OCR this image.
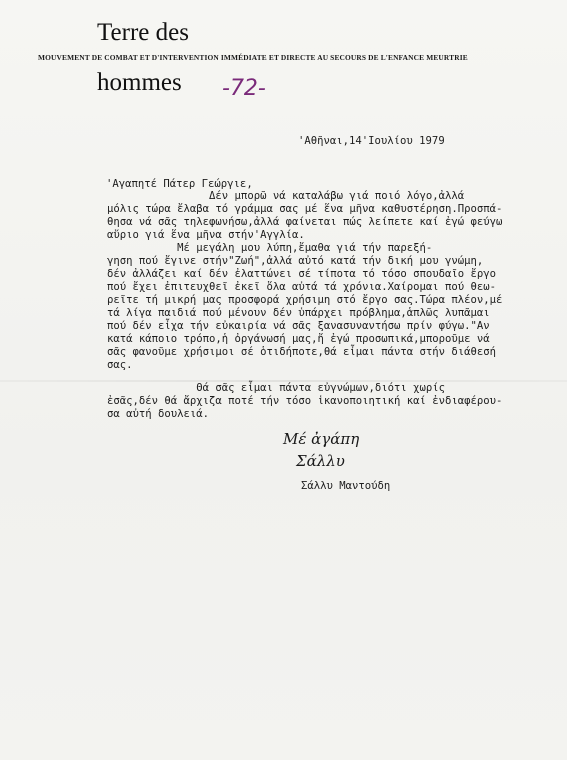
Terre des
MOUVEMENT DE COMBAT ET D'INTERVENTION IMMÉDIATE ET DIRECTE AU SECOURS DE L'ENFANCE MEURTRIE
hommes -72-
'Αθῆναι,14'Ιουλίου 1979
'Αγαπητέ Πάτερ Γεώργιε,
Δέν μπορῶ νά καταλάβω γιά ποιό λόγο,ἀλλά
μόλις τώρα ἔλαβα τό γράμμα σας μέ ἕνα μῆνα καθυστέρηση.Προσπά-
θησα νά σᾶς τηλεφωνήσω,ἀλλά φαίνεται πώς λείπετε καί ἐγώ φεύγω
αὔριο γιά ἕνα μῆνα στήν'Αγγλία.
Μέ μεγάλη μου λύπη,ἔμαθα γιά τήν παρεξή-
γηση πού ἔγινε στήν"Ζωή",ἀλλά αὐτό κατά τήν δική μου γνώμη,
δέν ἀλλάζει καί δέν ἐλαττώνει σέ τίποτα τό τόσο σπουδαῖο ἔργο
πού ἔχει ἐπιτευχθεῖ ἐκεῖ ὅλα αὐτά τά χρόνια.Χαίρομαι πού θεω-
ρεῖτε τή μικρή μας προσφορά χρήσιμη στό ἔργο σας.Τώρα πλέον,μέ
τά λίγα παιδιά πού μένουν δέν ὑπάρχει πρόβλημα,ἁπλῶς λυπᾶμαι
πού δέν εἶχα τήν εὐκαιρία νά σᾶς ξανασυναντήσω πρίν φύγω."Αν
κατά κάποιο τρόπο,ἡ ὀργάνωσή μας,ἤ ἐγώ προσωπικά,μποροῦμε νά
σᾶς φανοῦμε χρήσιμοι σέ ὁτιδήποτε,θά εἶμαι πάντα στήν διάθεσή
σας.
Θά σᾶς εἶμαι πάντα εὐγνώμων,διότι χωρίς
ἐσᾶς,δέν θά ἄρχιζα ποτέ τήν τόσο ἱκανοποιητική καί ἐνδιαφέρου-
σα αὐτή δουλειά.
Μέ ἀγάπη
Σάλλυ
Σάλλυ Μαντούδη
